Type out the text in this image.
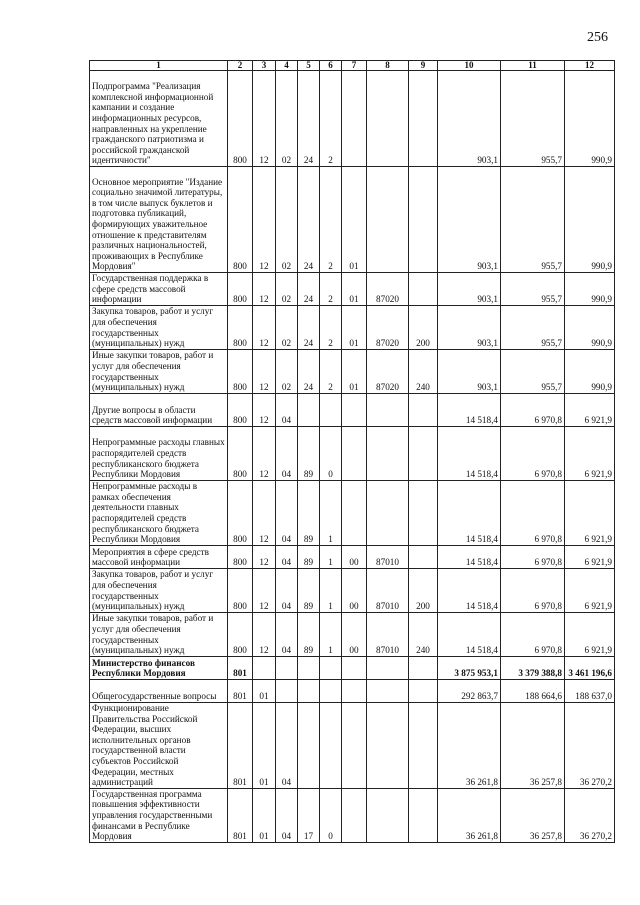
256
1	2	3	4	5	6	7	8	9	10	11	12
Подпрограмма "Реализация комплексной информационной кампании и создание информационных ресурсов, направленных на укрепление гражданского патриотизма и российской гражданской идентичности"	800	12	02	24	2				903,1	955,7	990,9
Основное мероприятие "Издание социально значимой литературы, в том числе выпуск буклетов и подготовка публикаций, формирующих уважительное отношение к представителям различных национальностей, проживающих в Республике Мордовия"	800	12	02	24	2	01			903,1	955,7	990,9
Государственная поддержка в сфере средств массовой информации	800	12	02	24	2	01	87020		903,1	955,7	990,9
Закупка товаров, работ и услуг для обеспечения государственных (муниципальных) нужд	800	12	02	24	2	01	87020	200	903,1	955,7	990,9
Иные закупки товаров, работ и услуг для обеспечения государственных (муниципальных) нужд	800	12	02	24	2	01	87020	240	903,1	955,7	990,9
Другие вопросы в области средств массовой информации	800	12	04						14 518,4	6 970,8	6 921,9
Непрограммные расходы главных распорядителей средств республиканского бюджета Республики Мордовия	800	12	04	89	0				14 518,4	6 970,8	6 921,9
Непрограммные расходы в рамках обеспечения деятельности главных распорядителей средств республиканского бюджета Республики Мордовия	800	12	04	89	1				14 518,4	6 970,8	6 921,9
Мероприятия в сфере средств массовой информации	800	12	04	89	1	00	87010		14 518,4	6 970,8	6 921,9
Закупка товаров, работ и услуг для обеспечения государственных (муниципальных) нужд	800	12	04	89	1	00	87010	200	14 518,4	6 970,8	6 921,9
Иные закупки товаров, работ и услуг для обеспечения государственных (муниципальных) нужд	800	12	04	89	1	00	87010	240	14 518,4	6 970,8	6 921,9
Министерство финансов Республики Мордовия	801								3 875 953,1	3 379 388,8	3 461 196,6
Общегосударственные вопросы	801	01							292 863,7	188 664,6	188 637,0
Функционирование Правительства Российской Федерации, высших исполнительных органов государственной власти субъектов Российской Федерации, местных администраций	801	01	04						36 261,8	36 257,8	36 270,2
Государственная программа повышения эффективности управления государственными финансами в Республике Мордовия	801	01	04	17	0				36 261,8	36 257,8	36 270,2
